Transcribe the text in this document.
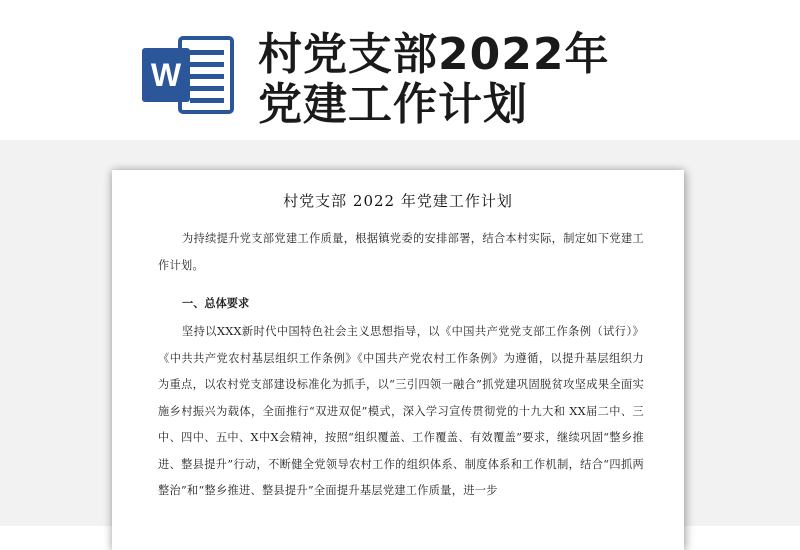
W 村党支部2022年
党建工作计划
村党支部 2022 年党建工作计划
为持续提升党支部党建工作质量，根据镇党委的安排部署，结合本村实际，制定如下党建工作计划。
一、总体要求
坚持以XXX新时代中国特色社会主义思想指导，以《中国共产党党支部工作条例（试行）》《中共共产党农村基层组织工作条例》《中国共产党农村工作条例》为遵循，以提升基层组织力为重点，以农村党支部建设标准化为抓手，以“三引四领一融合”抓党建巩固脱贫攻坚成果全面实施乡村振兴为载体，全面推行“双进双促”模式，深入学习宣传贯彻党的十九大和 XX届二中、三中、四中、五中、X中X会精神，按照“组织覆盖、工作覆盖、有效覆盖”要求，继续巩固“整乡推进、整县提升”行动，不断健全党领导农村工作的组织体系、制度体系和工作机制，结合“四抓两整治”和“整乡推进、整县提升”全面提升基层党建工作质量，进一步
